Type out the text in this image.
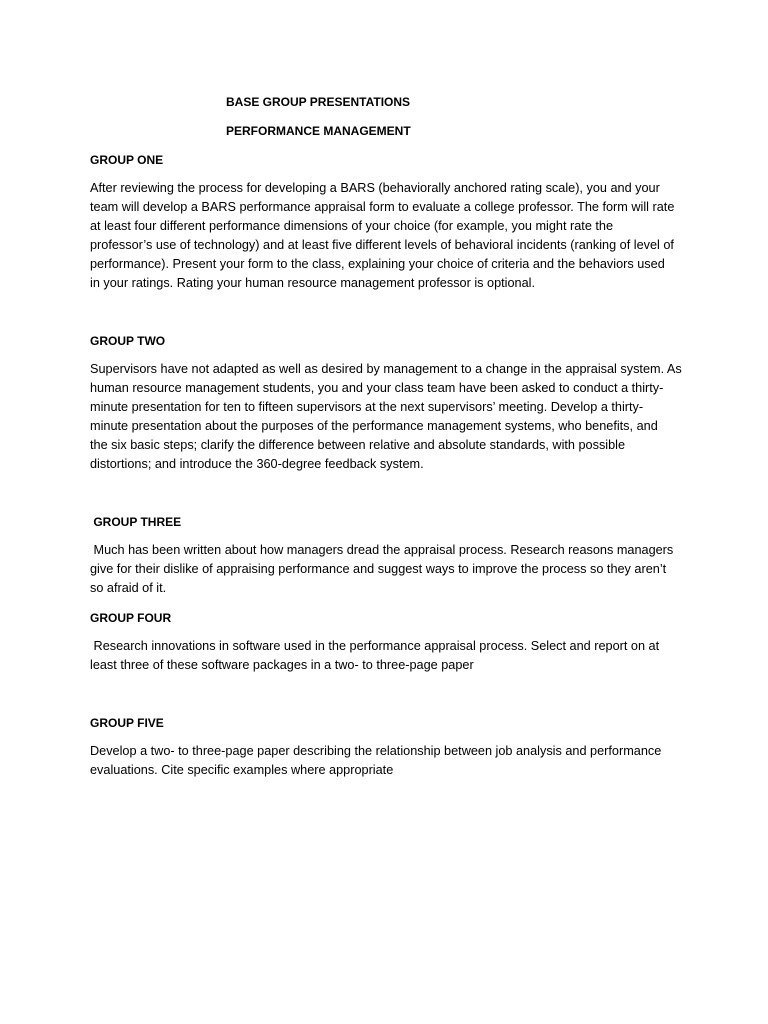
BASE GROUP PRESENTATIONS
PERFORMANCE MANAGEMENT
GROUP ONE
After reviewing the process for developing a BARS (behaviorally anchored rating scale), you and your
team will develop a BARS performance appraisal form to evaluate a college professor. The form will rate
at least four different performance dimensions of your choice (for example, you might rate the
professor’s use of technology) and at least five different levels of behavioral incidents (ranking of level of
performance). Present your form to the class, explaining your choice of criteria and the behaviors used
in your ratings. Rating your human resource management professor is optional.
GROUP TWO
Supervisors have not adapted as well as desired by management to a change in the appraisal system. As
human resource management students, you and your class team have been asked to conduct a thirty-
minute presentation for ten to fifteen supervisors at the next supervisors’ meeting. Develop a thirty-
minute presentation about the purposes of the performance management systems, who benefits, and
the six basic steps; clarify the difference between relative and absolute standards, with possible
distortions; and introduce the 360-degree feedback system.
GROUP THREE
Much has been written about how managers dread the appraisal process. Research reasons managers
give for their dislike of appraising performance and suggest ways to improve the process so they aren’t
so afraid of it.
GROUP FOUR
Research innovations in software used in the performance appraisal process. Select and report on at
least three of these software packages in a two- to three-page paper
GROUP FIVE
Develop a two- to three-page paper describing the relationship between job analysis and performance
evaluations. Cite specific examples where appropriate
